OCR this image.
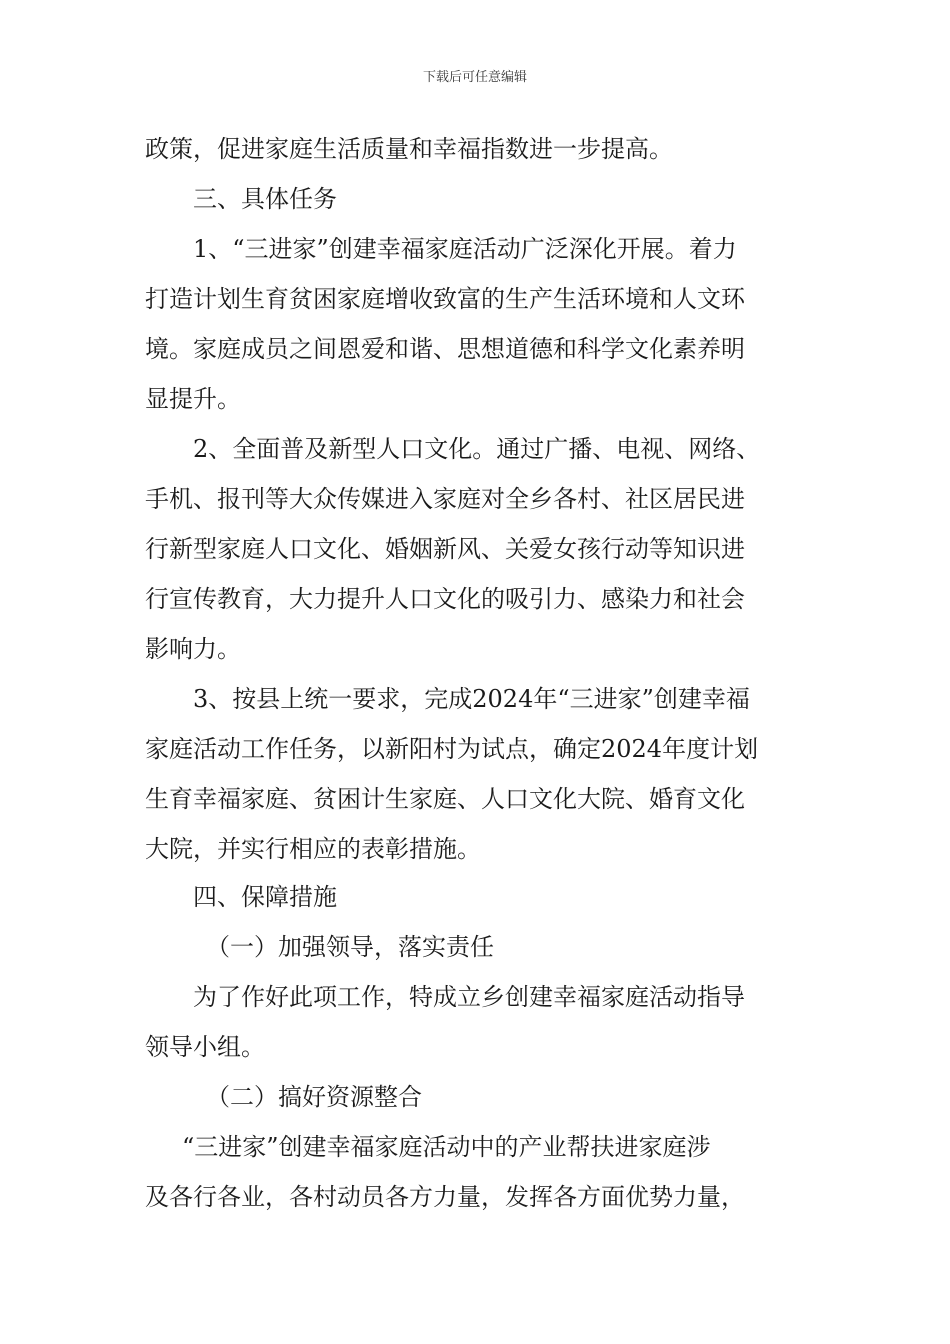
下载后可任意编辑
政策，促进家庭生活质量和幸福指数进一步提高。
三、具体任务
1、“三进家”创建幸福家庭活动广泛深化开展。着力
打造计划生育贫困家庭增收致富的生产生活环境和人文环
境。家庭成员之间恩爱和谐、思想道德和科学文化素养明
显提升。
2、全面普及新型人口文化。通过广播、电视、网络、
手机、报刊等大众传媒进入家庭对全乡各村、社区居民进
行新型家庭人口文化、婚姻新风、关爱女孩行动等知识进
行宣传教育，大力提升人口文化的吸引力、感染力和社会
影响力。
3、按县上统一要求，完成2024年“三进家”创建幸福
家庭活动工作任务，以新阳村为试点，确定2024年度计划
生育幸福家庭、贫困计生家庭、人口文化大院、婚育文化
大院，并实行相应的表彰措施。
四、保障措施
（一）加强领导，落实责任
为了作好此项工作，特成立乡创建幸福家庭活动指导
领导小组。
（二）搞好资源整合
“三进家”创建幸福家庭活动中的产业帮扶进家庭涉
及各行各业，各村动员各方力量，发挥各方面优势力量，
